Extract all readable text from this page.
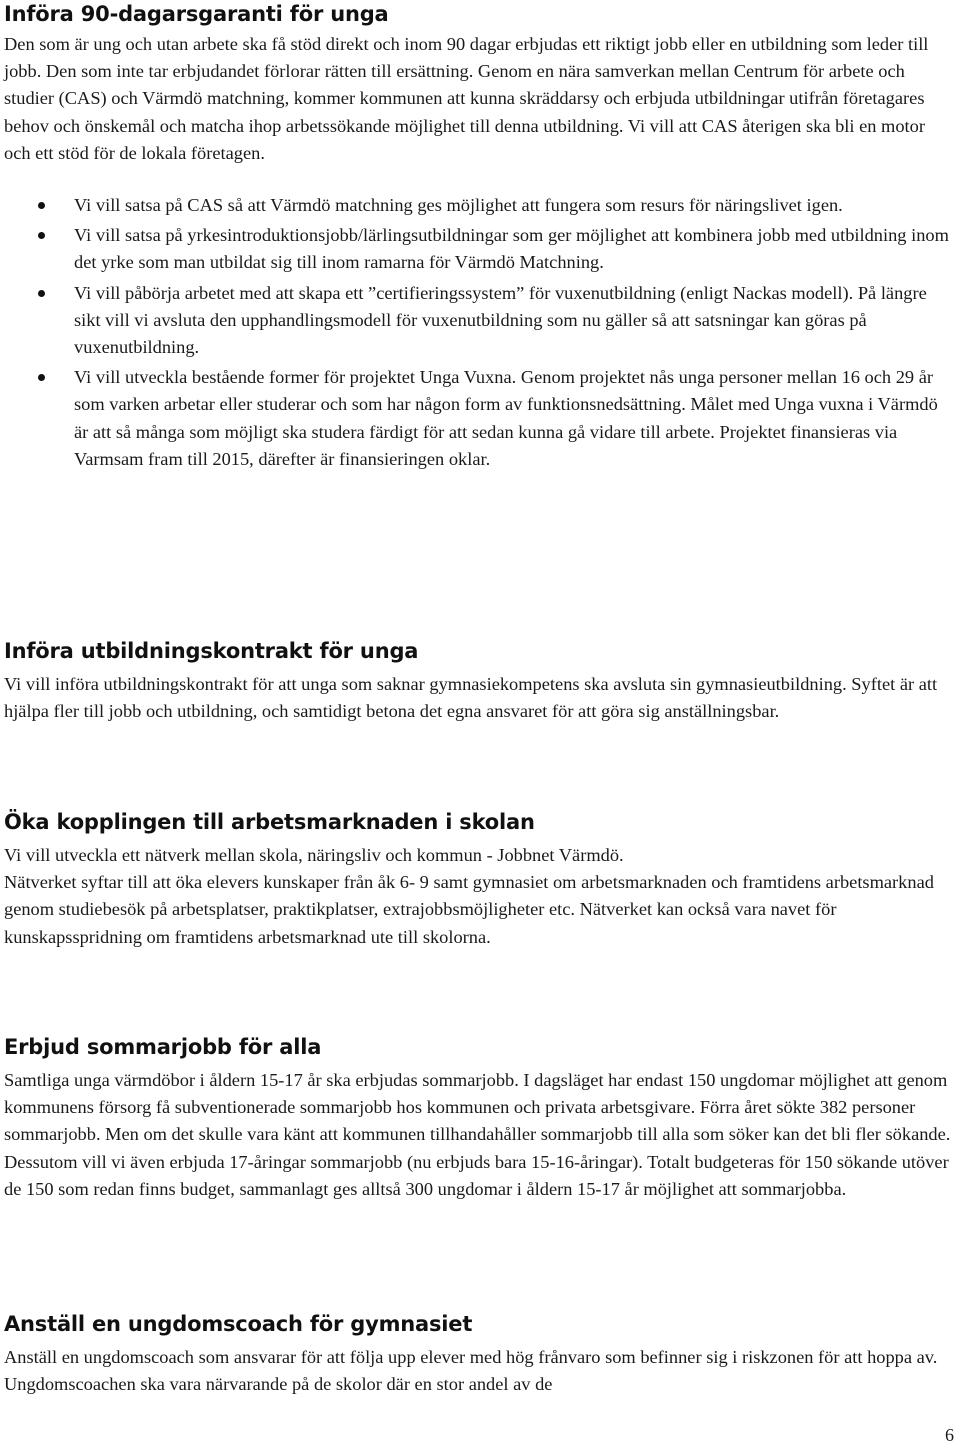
Införa 90-dagarsgaranti för unga

Den som är ung och utan arbete ska få stöd direkt och inom 90 dagar erbjudas ett riktigt jobb eller en utbildning som leder till jobb. Den som inte tar erbjudandet förlorar rätten till ersättning. Genom en nära samverkan mellan Centrum för arbete och studier (CAS) och Värmdö matchning, kommer kommunen att kunna skräddarsy och erbjuda utbildningar utifrån företagares behov och önskemål och matcha ihop arbetssökande möjlighet till denna utbildning. Vi vill att CAS återigen ska bli en motor och ett stöd för de lokala företagen.

Vi vill satsa på CAS så att Värmdö matchning ges möjlighet att fungera som resurs för näringslivet igen.
Vi vill satsa på yrkesintroduktionsjobb/lärlingsutbildningar som ger möjlighet att kombinera jobb med utbildning inom det yrke som man utbildat sig till inom ramarna för Värmdö Matchning.
Vi vill påbörja arbetet med att skapa ett ”certifieringssystem” för vuxenutbildning (enligt Nackas modell). På längre sikt vill vi avsluta den upphandlingsmodell för vuxenutbildning som nu gäller så att satsningar kan göras på vuxenutbildning.
Vi vill utveckla bestående former för projektet Unga Vuxna. Genom projektet nås unga personer mellan 16 och 29 år som varken arbetar eller studerar och som har någon form av funktionsnedsättning. Målet med Unga vuxna i Värmdö är att så många som möjligt ska studera färdigt för att sedan kunna gå vidare till arbete. Projektet finansieras via Varmsam fram till 2015, därefter är finansieringen oklar.
Införa utbildningskontrakt för unga

Vi vill införa utbildningskontrakt för att unga som saknar gymnasiekompetens ska avsluta sin gymnasieutbildning. Syftet är att hjälpa fler till jobb och utbildning, och samtidigt betona det egna ansvaret för att göra sig anställningsbar.

Öka kopplingen till arbetsmarknaden i skolan

Vi vill utveckla ett nätverk mellan skola, näringsliv och kommun - Jobbnet Värmdö.

Nätverket syftar till att öka elevers kunskaper från åk 6- 9 samt gymnasiet om arbetsmarknaden och framtidens arbetsmarknad genom studiebesök på arbetsplatser, praktikplatser, extrajobbsmöjligheter etc. Nätverket kan också vara navet för kunskapsspridning om framtidens arbetsmarknad ute till skolorna.

Erbjud sommarjobb för alla

Samtliga unga värmdöbor i åldern 15-17 år ska erbjudas sommarjobb. I dagsläget har endast 150 ungdomar möjlighet att genom kommunens försorg få subventionerade sommarjobb hos kommunen och privata arbetsgivare. Förra året sökte 382 personer sommarjobb. Men om det skulle vara känt att kommunen tillhandahåller sommarjobb till alla som söker kan det bli fler sökande. Dessutom vill vi även erbjuda 17-åringar sommarjobb (nu erbjuds bara 15-16-åringar). Totalt budgeteras för 150 sökande utöver de 150 som redan finns budget, sammanlagt ges alltså 300 ungdomar i åldern 15-17 år möjlighet att sommarjobba.

Anställ en ungdomscoach för gymnasiet

Anställ en ungdomscoach som ansvarar för att följa upp elever med hög frånvaro som befinner sig i riskzonen för att hoppa av. Ungdomscoachen ska vara närvarande på de skolor där en stor andel av de

6
